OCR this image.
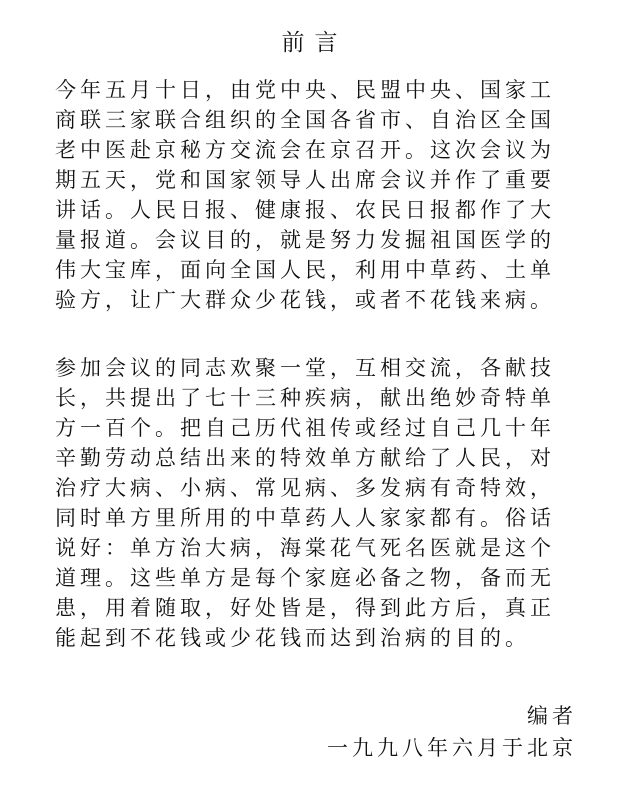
前言
今年五月十日，由党中央、民盟中央、国家工
商联三家联合组织的全国各省市、自治区全国
老中医赴京秘方交流会在京召开。这次会议为
期五天，党和国家领导人出席会议并作了重要
讲话。人民日报、健康报、农民日报都作了大
量报道。会议目的，就是努力发掘祖国医学的
伟大宝库，面向全国人民，利用中草药、土单
验方，让广大群众少花钱，或者不花钱来病。
参加会议的同志欢聚一堂，互相交流，各献技
长，共提出了七十三种疾病，献出绝妙奇特单
方一百个。把自己历代祖传或经过自己几十年
辛勤劳动总结出来的特效单方献给了人民，对
治疗大病、小病、常见病、多发病有奇特效，
同时单方里所用的中草药人人家家都有。俗话
说好：单方治大病，海棠花气死名医就是这个
道理。这些单方是每个家庭必备之物，备而无
患，用着随取，好处皆是，得到此方后，真正
能起到不花钱或少花钱而达到治病的目的。
编者
一九九八年六月于北京
